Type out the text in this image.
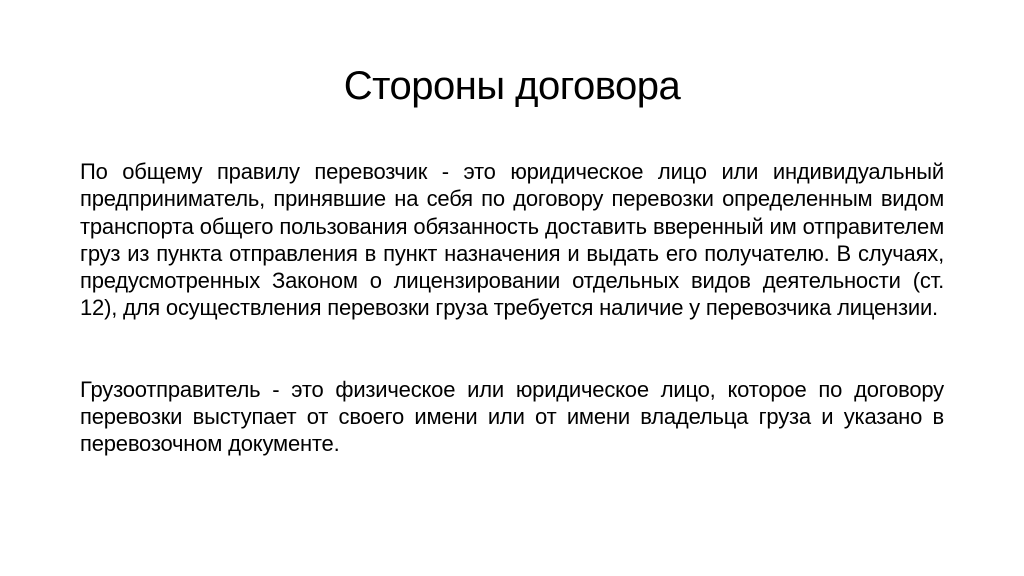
Стороны договора

По общему правилу перевозчик - это юридическое лицо или индивидуальный предприниматель, принявшие на себя по договору перевозки определенным видом транспорта общего пользования обязанность доставить вверенный им отправителем груз из пункта отправления в пункт назначения и выдать его получателю. В случаях, предусмотренных Законом о лицензировании отдельных видов деятельности (ст. 12), для осуществления перевозки груза требуется наличие у перевозчика лицензии.

Грузоотправитель - это физическое или юридическое лицо, которое по договору перевозки выступает от своего имени или от имени владельца груза и указано в перевозочном документе.
